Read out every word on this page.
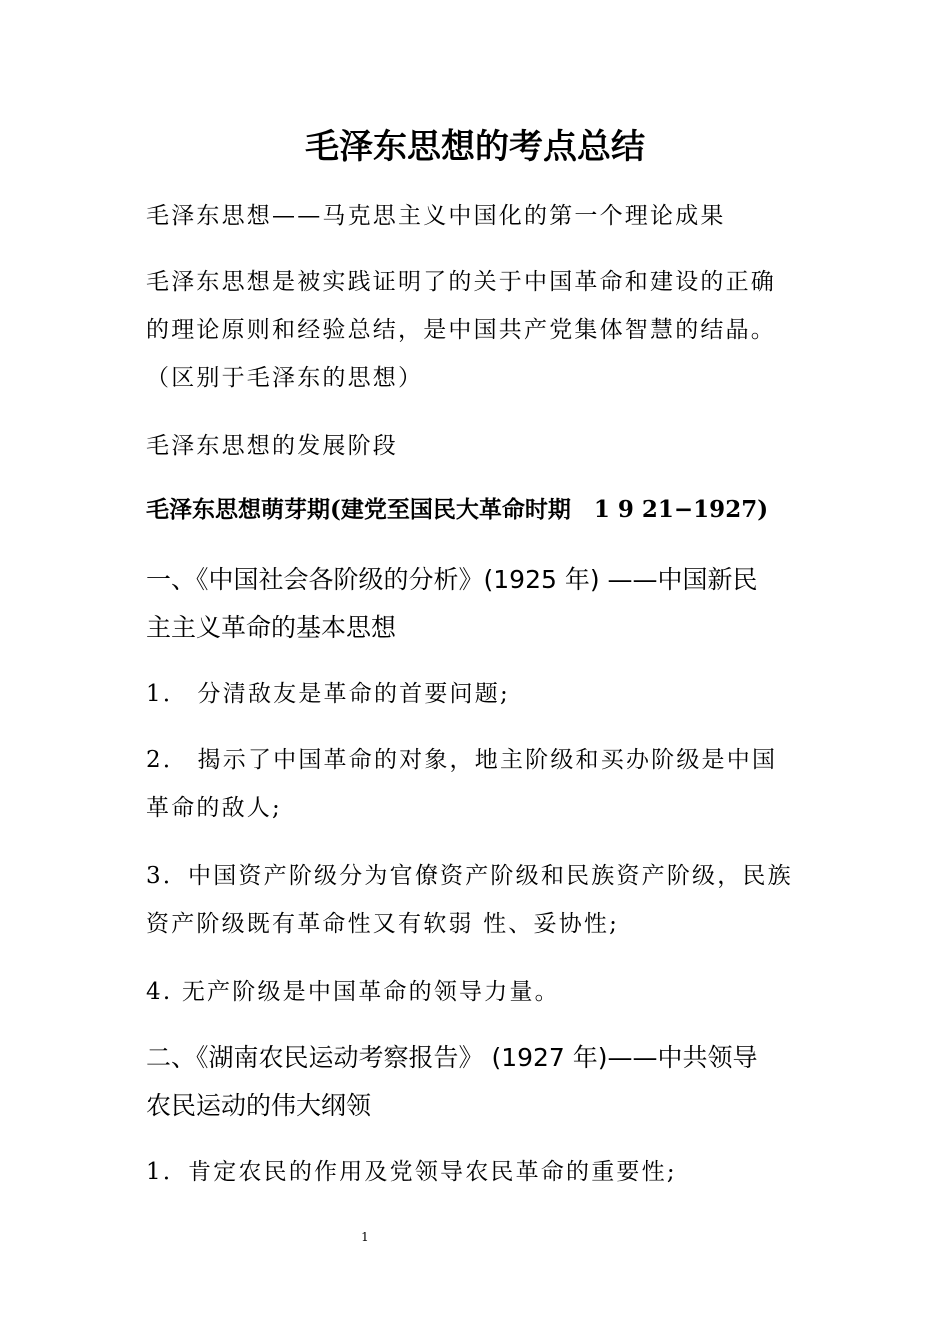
毛泽东思想的考点总结
毛泽东思想——马克思主义中国化的第一个理论成果
毛泽东思想是被实践证明了的关于中国革命和建设的正确
的理论原则和经验总结，是中国共产党集体智慧的结晶。
（区别于毛泽东的思想）
毛泽东思想的发展阶段
毛泽东思想萌芽期(建党至国民大革命时期　1 9 21−1927)
一、《中国社会各阶级的分析》(1925 年) ——中国新民
主主义革命的基本思想
1． 分清敌友是革命的首要问题;
2． 揭示了中国革命的对象，地主阶级和买办阶级是中国
革命的敌人;
3．中国资产阶级分为官僚资产阶级和民族资产阶级，民族
资产阶级既有革命性又有软弱 性、妥协性;
4. 无产阶级是中国革命的领导力量。
二、《湖南农民运动考察报告》 (1927 年)——中共领导
农民运动的伟大纲领
1．肯定农民的作用及党领导农民革命的重要性;
1
